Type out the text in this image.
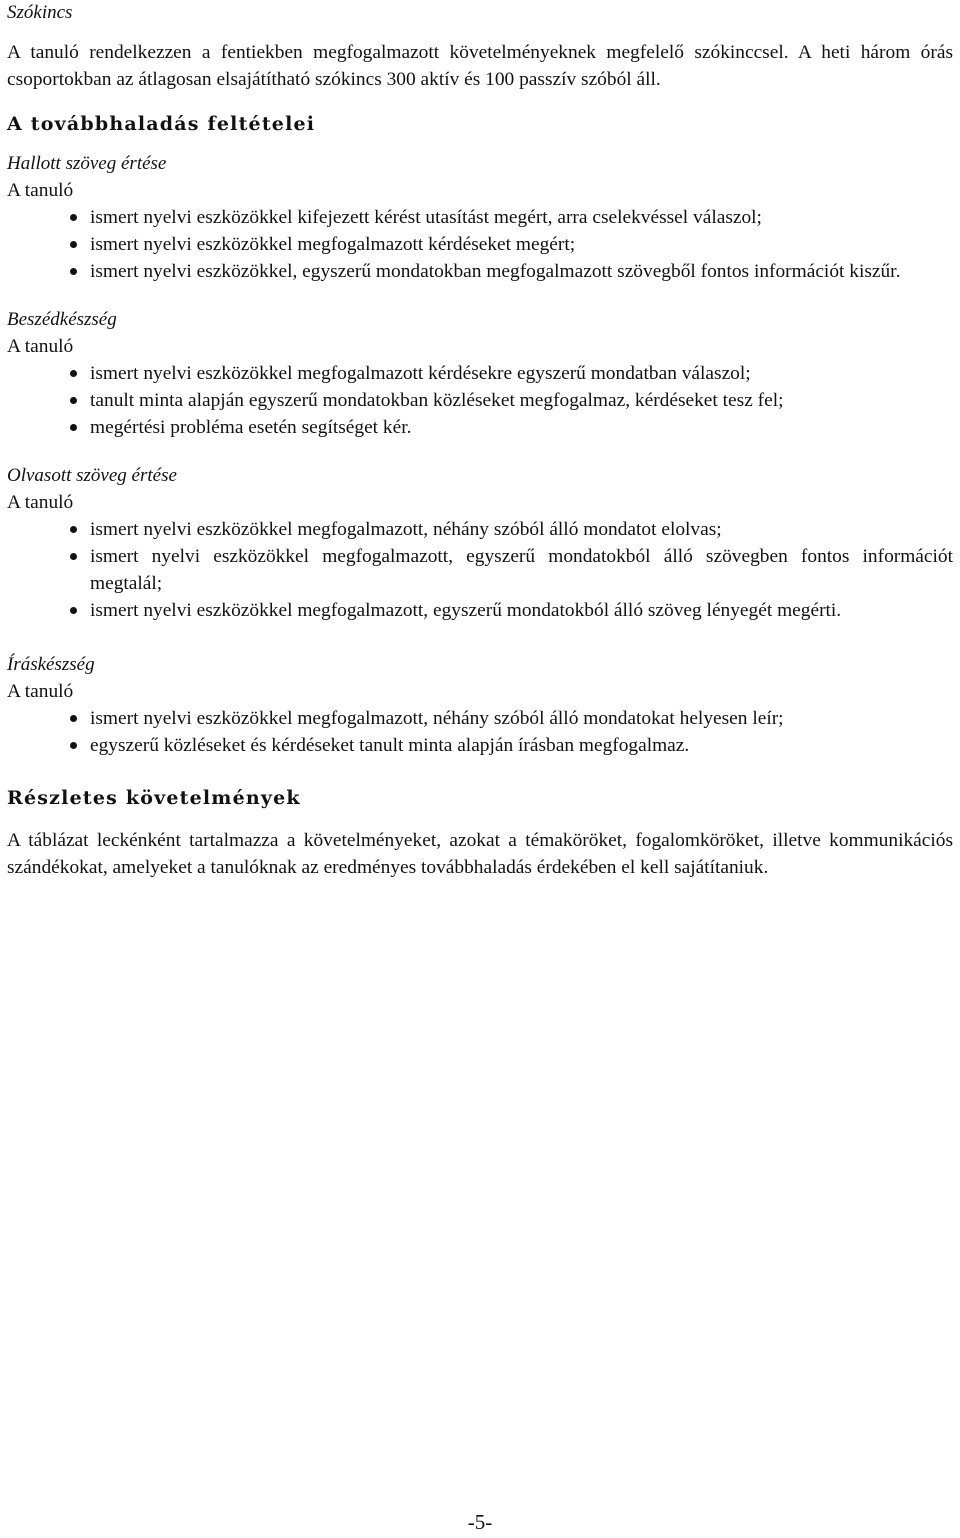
Szókincs
A tanuló rendelkezzen a fentiekben megfogalmazott követelményeknek megfelelő szókinccsel. A heti három órás csoportokban az átlagosan elsajátítható szókincs 300 aktív és 100 passzív szóból áll.
A továbbhaladás feltételei
Hallott szöveg értése
A tanuló
ismert nyelvi eszközökkel kifejezett kérést utasítást megért, arra cselekvéssel válaszol;
ismert nyelvi eszközökkel megfogalmazott kérdéseket megért;
ismert nyelvi eszközökkel, egyszerű mondatokban megfogalmazott szövegből fontos információt kiszűr.
Beszédkészség
A tanuló
ismert nyelvi eszközökkel megfogalmazott kérdésekre egyszerű mondatban válaszol;
tanult minta alapján egyszerű mondatokban közléseket megfogalmaz, kérdéseket tesz fel;
megértési probléma esetén segítséget kér.
Olvasott szöveg értése
A tanuló
ismert nyelvi eszközökkel megfogalmazott, néhány szóból álló mondatot elolvas;
ismert nyelvi eszközökkel megfogalmazott, egyszerű mondatokból álló szövegben fontos információt megtalál;
ismert nyelvi eszközökkel megfogalmazott, egyszerű mondatokból álló szöveg lényegét megérti.
Íráskészség
A tanuló
ismert nyelvi eszközökkel megfogalmazott, néhány szóból álló mondatokat helyesen leír;
egyszerű közléseket és kérdéseket tanult minta alapján írásban megfogalmaz.
Részletes követelmények
A táblázat leckénként tartalmazza a követelményeket, azokat a témaköröket, fogalomköröket, illetve kommunikációs szándékokat, amelyeket a tanulóknak az eredményes továbbhaladás érdekében el kell sajátítaniuk.
-5-
